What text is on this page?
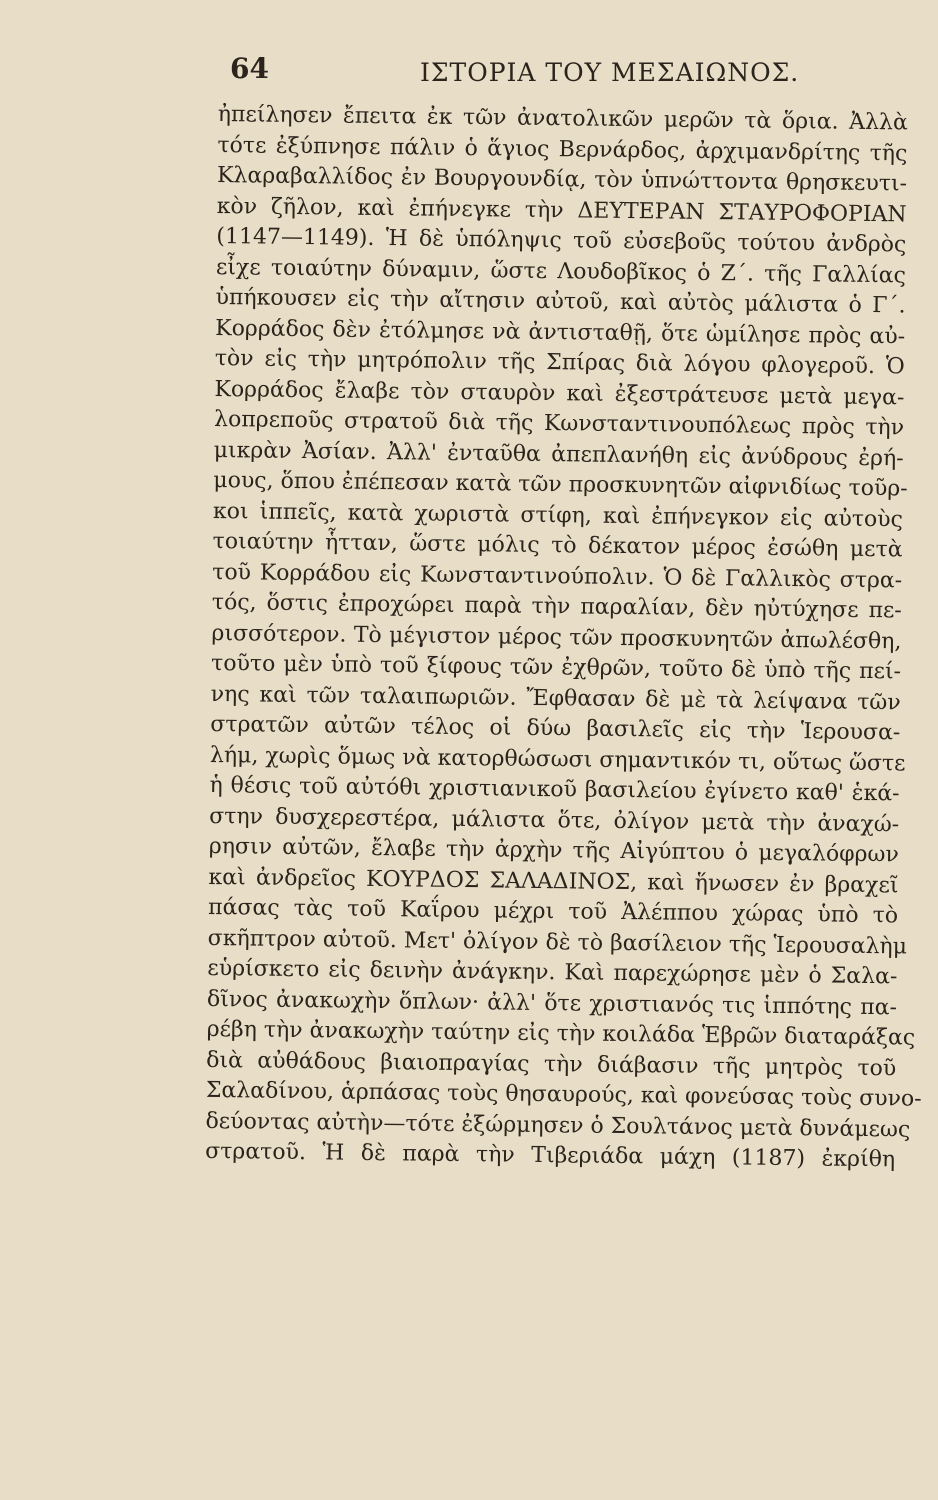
64	ΙΣΤΟΡΙΑ ΤΟΥ ΜΕΣΑΙΩΝΟΣ.
ἠπείλησεν ἔπειτα ἐκ τῶν ἀνατολικῶν μερῶν τὰ ὅρια. Ἀλλὰ
τότε ἐξύπνησε πάλιν ὁ ἅγιος Βερνάρδος, ἀρχιμανδρίτης τῆς
Κλαραβαλλίδος ἐν Βουργουνδίᾳ, τὸν ὑπνώττοντα θρησκευτι-
κὸν ζῆλον, καὶ ἐπήνεγκε τὴν ΔΕΥΤΕΡΑΝ ΣΤΑΥΡΟΦΟΡΙΑΝ
(1147—1149). Ἡ δὲ ὑπόληψις τοῦ εὐσεβοῦς τούτου ἀνδρὸς
εἶχε τοιαύτην δύναμιν, ὥστε Λουδοβῖκος ὁ Ζ΄. τῆς Γαλλίας
ὑπήκουσεν εἰς τὴν αἴτησιν αὐτοῦ, καὶ αὐτὸς μάλιστα ὁ Γ΄.
Κορράδος δὲν ἐτόλμησε νὰ ἀντισταθῇ, ὅτε ὡμίλησε πρὸς αὐ-
τὸν εἰς τὴν μητρόπολιν τῆς Σπίρας διὰ λόγου φλογεροῦ. Ὁ
Κορράδος ἔλαβε τὸν σταυρὸν καὶ ἐξεστράτευσε μετὰ μεγα-
λοπρεποῦς στρατοῦ διὰ τῆς Κωνσταντινουπόλεως πρὸς τὴν
μικρὰν Ἀσίαν. Ἀλλ' ἐνταῦθα ἀπεπλανήθη εἰς ἀνύδρους ἐρή-
μους, ὅπου ἐπέπεσαν κατὰ τῶν προσκυνητῶν αἰφνιδίως τοῦρ-
κοι ἱππεῖς, κατὰ χωριστὰ στίφη, καὶ ἐπήνεγκον εἰς αὐτοὺς
τοιαύτην ἧτταν, ὥστε μόλις τὸ δέκατον μέρος ἐσώθη μετὰ
τοῦ Κορράδου εἰς Κωνσταντινούπολιν. Ὁ δὲ Γαλλικὸς στρα-
τός, ὅστις ἐπροχώρει παρὰ τὴν παραλίαν, δὲν ηὐτύχησε πε-
ρισσότερον. Τὸ μέγιστον μέρος τῶν προσκυνητῶν ἀπωλέσθη,
τοῦτο μὲν ὑπὸ τοῦ ξίφους τῶν ἐχθρῶν, τοῦτο δὲ ὑπὸ τῆς πεί-
νης καὶ τῶν ταλαιπωριῶν. Ἔφθασαν δὲ μὲ τὰ λείψανα τῶν
στρατῶν αὐτῶν τέλος οἱ δύω βασιλεῖς εἰς τὴν Ἱερουσα-
λήμ, χωρὶς ὅμως νὰ κατορθώσωσι σημαντικόν τι, οὕτως ὥστε
ἡ θέσις τοῦ αὐτόθι χριστιανικοῦ βασιλείου ἐγίνετο καθ' ἑκά-
στην δυσχερεστέρα, μάλιστα ὅτε, ὀλίγον μετὰ τὴν ἀναχώ-
ρησιν αὐτῶν, ἔλαβε τὴν ἀρχὴν τῆς Αἰγύπτου ὁ μεγαλόφρων
καὶ ἀνδρεῖος ΚΟΥΡΔΟΣ ΣΑΛΑΔΙΝΟΣ, καὶ ἥνωσεν ἐν βραχεῖ
πάσας τὰς τοῦ Καΐρου μέχρι τοῦ Ἀλέππου χώρας ὑπὸ τὸ
σκῆπτρον αὐτοῦ. Μετ' ὀλίγον δὲ τὸ βασίλειον τῆς Ἱερουσαλὴμ
εὑρίσκετο εἰς δεινὴν ἀνάγκην. Καὶ παρεχώρησε μὲν ὁ Σαλα-
δῖνος ἀνακωχὴν ὅπλων· ἀλλ' ὅτε χριστιανός τις ἱππότης πα-
ρέβη τὴν ἀνακωχὴν ταύτην εἰς τὴν κοιλάδα Ἑβρῶν διαταράξας
διὰ αὐθάδους βιαιοπραγίας τὴν διάβασιν τῆς μητρὸς τοῦ
Σαλαδίνου, ἁρπάσας τοὺς θησαυρούς, καὶ φονεύσας τοὺς συνο-
δεύοντας αὐτὴν—τότε ἐξώρμησεν ὁ Σουλτάνος μετὰ δυνάμεως
στρατοῦ. Ἡ δὲ παρὰ τὴν Τιβεριάδα μάχη (1187) ἐκρίθη
